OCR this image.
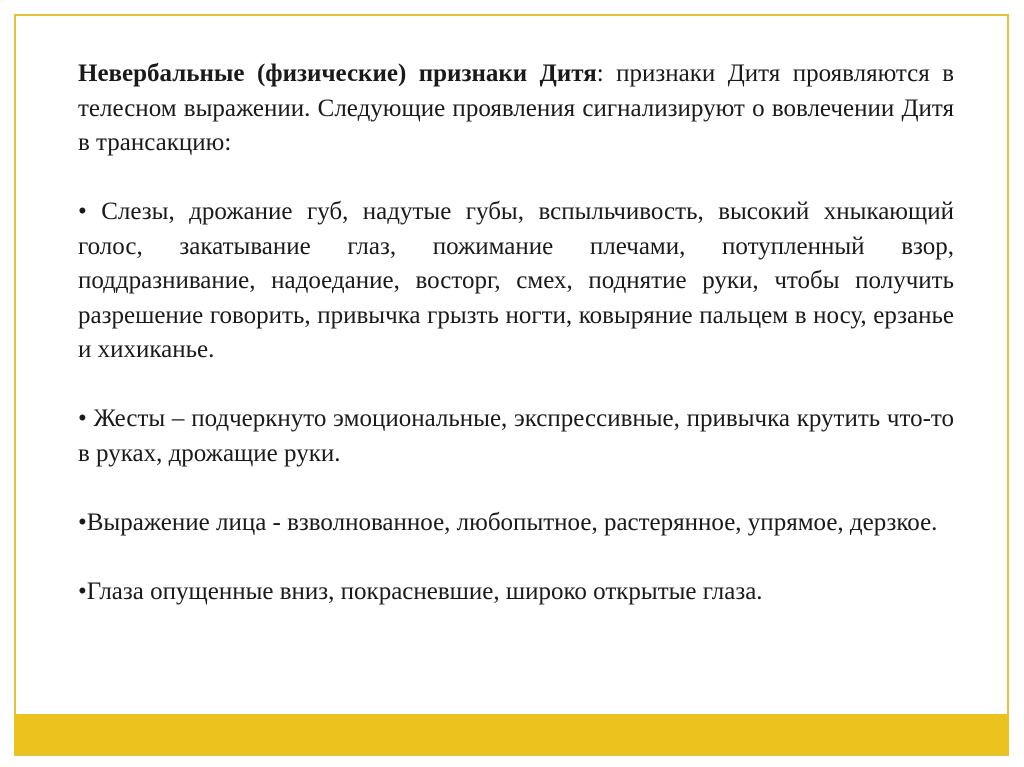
Невербальные (физические) признаки Дитя: признаки Дитя проявляются в телесном выражении. Следующие проявления сигнализируют о вовлечении Дитя в трансакцию:

• Слезы, дрожание губ, надутые губы, вспыльчивость, высокий хныкающий голос, закатывание глаз, пожимание плечами, потупленный взор, поддразнивание, надоедание, восторг, смех, поднятие руки, чтобы получить разрешение говорить, привычка грызть ногти, ковыряние пальцем в носу, ерзанье и хихиканье.

• Жесты – подчеркнуто эмоциональные, экспрессивные, привычка крутить что-то в руках, дрожащие руки.

•Выражение лица - взволнованное, любопытное, растерянное, упрямое, дерзкое.

•Глаза опущенные вниз, покрасневшие, широко открытые глаза.
